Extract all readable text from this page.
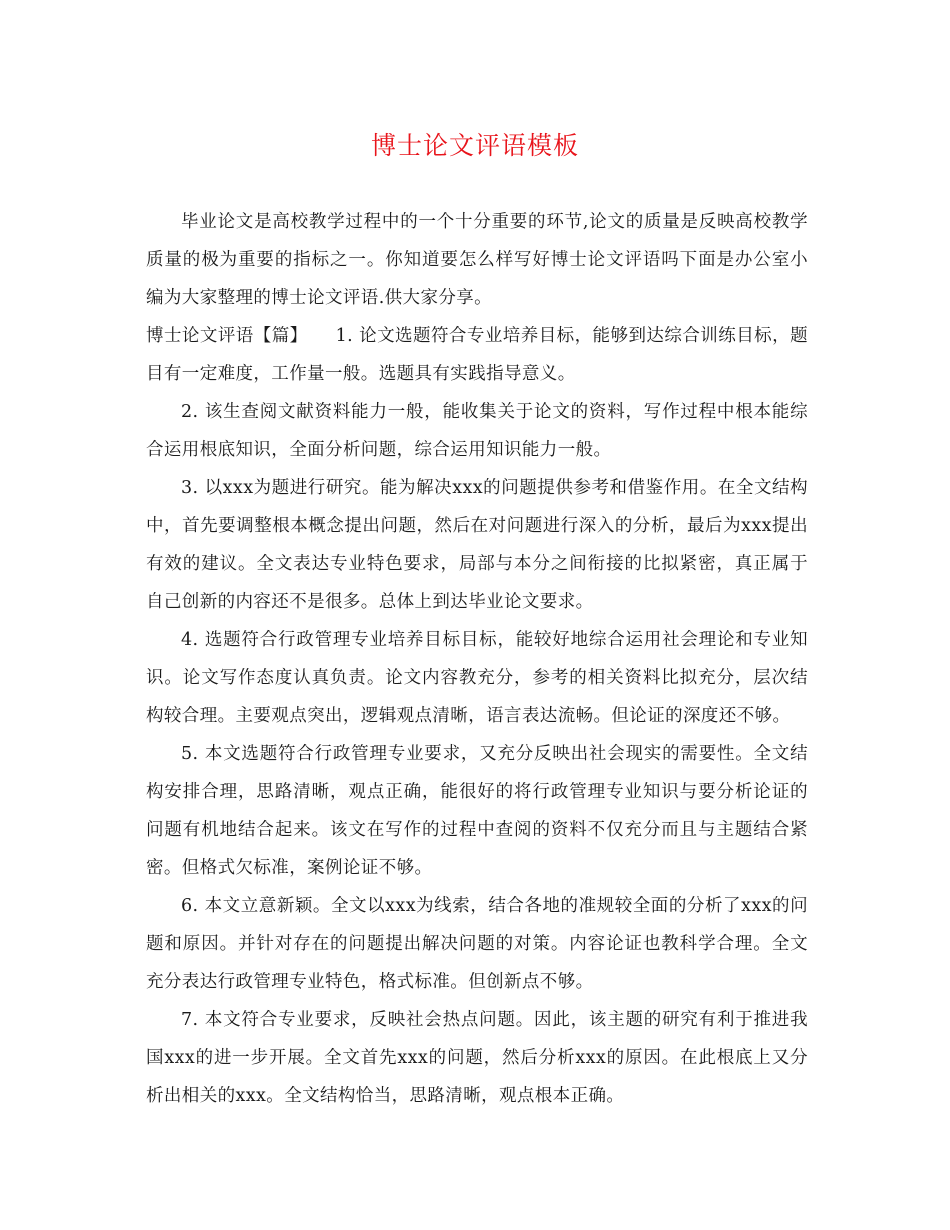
博士论文评语模板

毕业论文是高校教学过程中的一个十分重要的环节,论文的质量是反映高校教学质量的极为重要的指标之一。你知道要怎么样写好博士论文评语吗下面是办公室小编为大家整理的博士论文评语.供大家分享。

博士论文评语【篇】 1. 论文选题符合专业培养目标，能够到达综合训练目标，题目有一定难度，工作量一般。选题具有实践指导意义。

2. 该生查阅文献资料能力一般，能收集关于论文的资料，写作过程中根本能综合运用根底知识，全面分析问题，综合运用知识能力一般。

3. 以xxx为题进行研究。能为解决xxx的问题提供参考和借鉴作用。在全文结构中，首先要调整根本概念提出问题，然后在对问题进行深入的分析，最后为xxx提出有效的建议。全文表达专业特色要求，局部与本分之间衔接的比拟紧密，真正属于自己创新的内容还不是很多。总体上到达毕业论文要求。

4. 选题符合行政管理专业培养目标目标，能较好地综合运用社会理论和专业知识。论文写作态度认真负责。论文内容教充分，参考的相关资料比拟充分，层次结构较合理。主要观点突出，逻辑观点清晰，语言表达流畅。但论证的深度还不够。

5. 本文选题符合行政管理专业要求，又充分反映出社会现实的需要性。全文结构安排合理，思路清晰，观点正确，能很好的将行政管理专业知识与要分析论证的问题有机地结合起来。该文在写作的过程中查阅的资料不仅充分而且与主题结合紧密。但格式欠标准，案例论证不够。

6. 本文立意新颖。全文以xxx为线索，结合各地的准规较全面的分析了xxx的问题和原因。并针对存在的问题提出解决问题的对策。内容论证也教科学合理。全文充分表达行政管理专业特色，格式标准。但创新点不够。

7. 本文符合专业要求，反映社会热点问题。因此，该主题的研究有利于推进我国xxx的进一步开展。全文首先xxx的问题，然后分析xxx的原因。在此根底上又分析出相关的xxx。全文结构恰当，思路清晰，观点根本正确。
